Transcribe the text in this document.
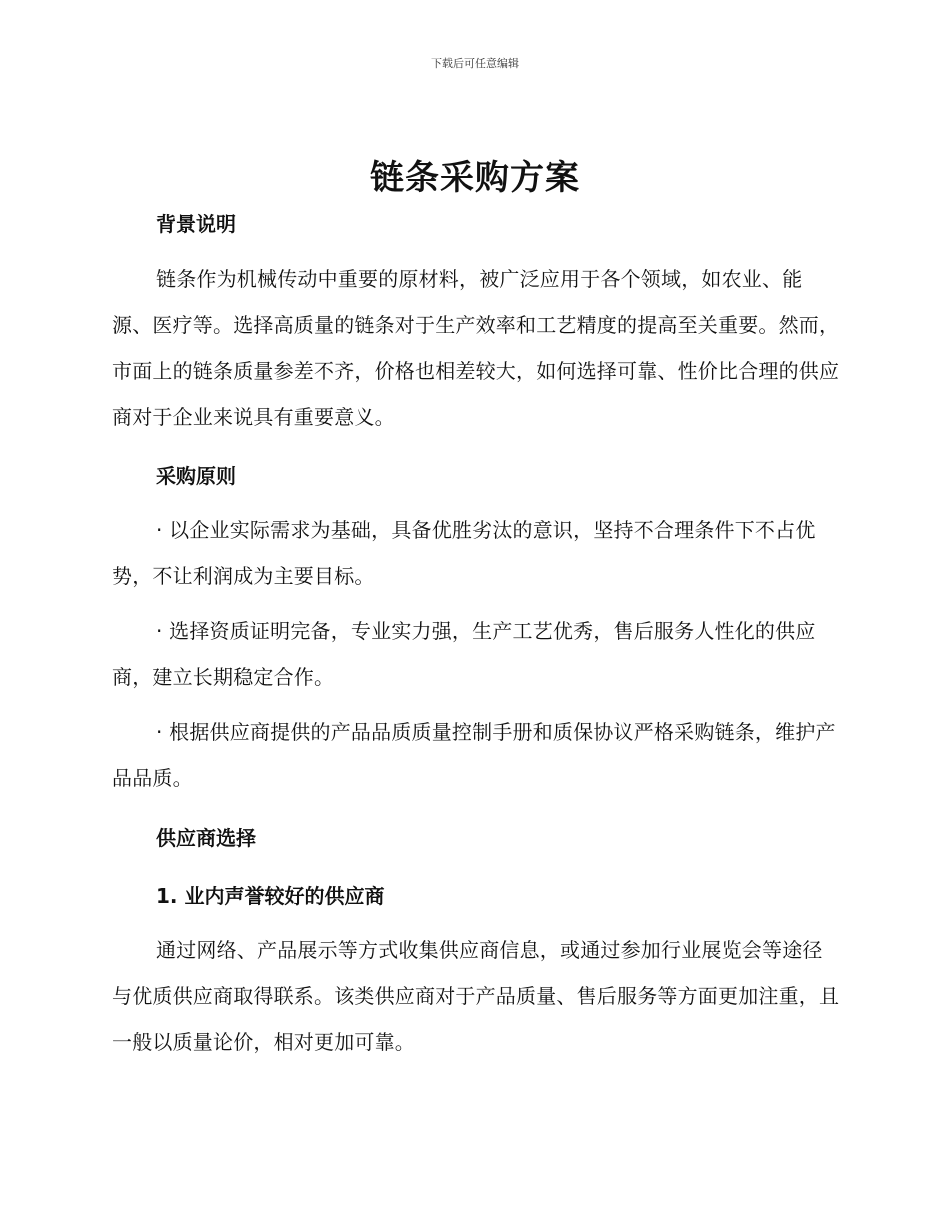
下载后可任意编辑
链条采购方案
背景说明
链条作为机械传动中重要的原材料，被广泛应用于各个领域，如农业、能源、医疗等。选择高质量的链条对于生产效率和工艺精度的提高至关重要。然而，市面上的链条质量参差不齐，价格也相差较大，如何选择可靠、性价比合理的供应商对于企业来说具有重要意义。
采购原则
· 以企业实际需求为基础，具备优胜劣汰的意识，坚持不合理条件下不占优势，不让利润成为主要目标。
· 选择资质证明完备，专业实力强，生产工艺优秀，售后服务人性化的供应商，建立长期稳定合作。
· 根据供应商提供的产品品质质量控制手册和质保协议严格采购链条，维护产品品质。
供应商选择
1. 业内声誉较好的供应商
通过网络、产品展示等方式收集供应商信息，或通过参加行业展览会等途径与优质供应商取得联系。该类供应商对于产品质量、售后服务等方面更加注重，且一般以质量论价，相对更加可靠。
